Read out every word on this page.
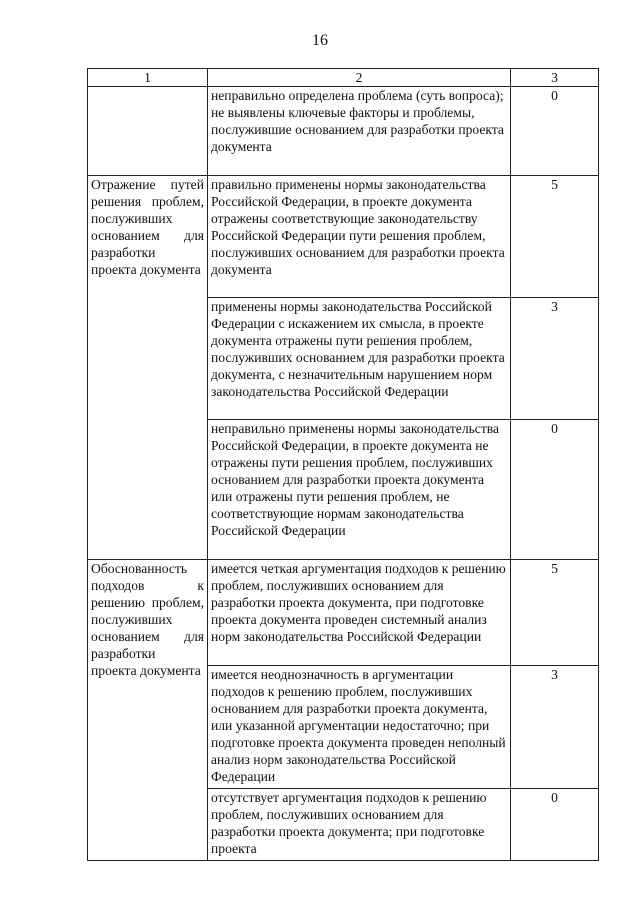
16
1	2	3
	неправильно определена проблема (суть вопроса); не выявлены ключевые факторы и проблемы, послужившие основанием для разработки проекта документа	0
Отражение путей решения проблем, послуживших основанием для разработки проекта документа	правильно применены нормы законодательства Российской Федерации, в проекте документа отражены соответствующие законодательству Российской Федерации пути решения проблем, послуживших основанием для разработки проекта документа	5
	применены нормы законодательства Российской Федерации с искажением их смысла, в проекте документа отражены пути решения проблем, послуживших основанием для разработки проекта документа, с незначительным нарушением норм законодательства Российской Федерации	3
	неправильно применены нормы законодательства Российской Федерации, в проекте документа не отражены пути решения проблем, послуживших основанием для разработки проекта документа или отражены пути решения проблем, не соответствующие нормам законодательства Российской Федерации	0
Обоснованность подходов к решению проблем, послуживших основанием для разработки проекта документа	имеется четкая аргументация подходов к решению проблем, послуживших основанием для разработки проекта документа, при подготовке проекта документа проведен системный анализ норм законодательства Российской Федерации	5
	имеется неоднозначность в аргументации подходов к решению проблем, послуживших основанием для разработки проекта документа, или указанной аргументации недостаточно; при подготовке проекта документа проведен неполный анализ норм законодательства Российской Федерации	3
	отсутствует аргументация подходов к решению проблем, послуживших основанием для разработки проекта документа; при подготовке проекта	0
